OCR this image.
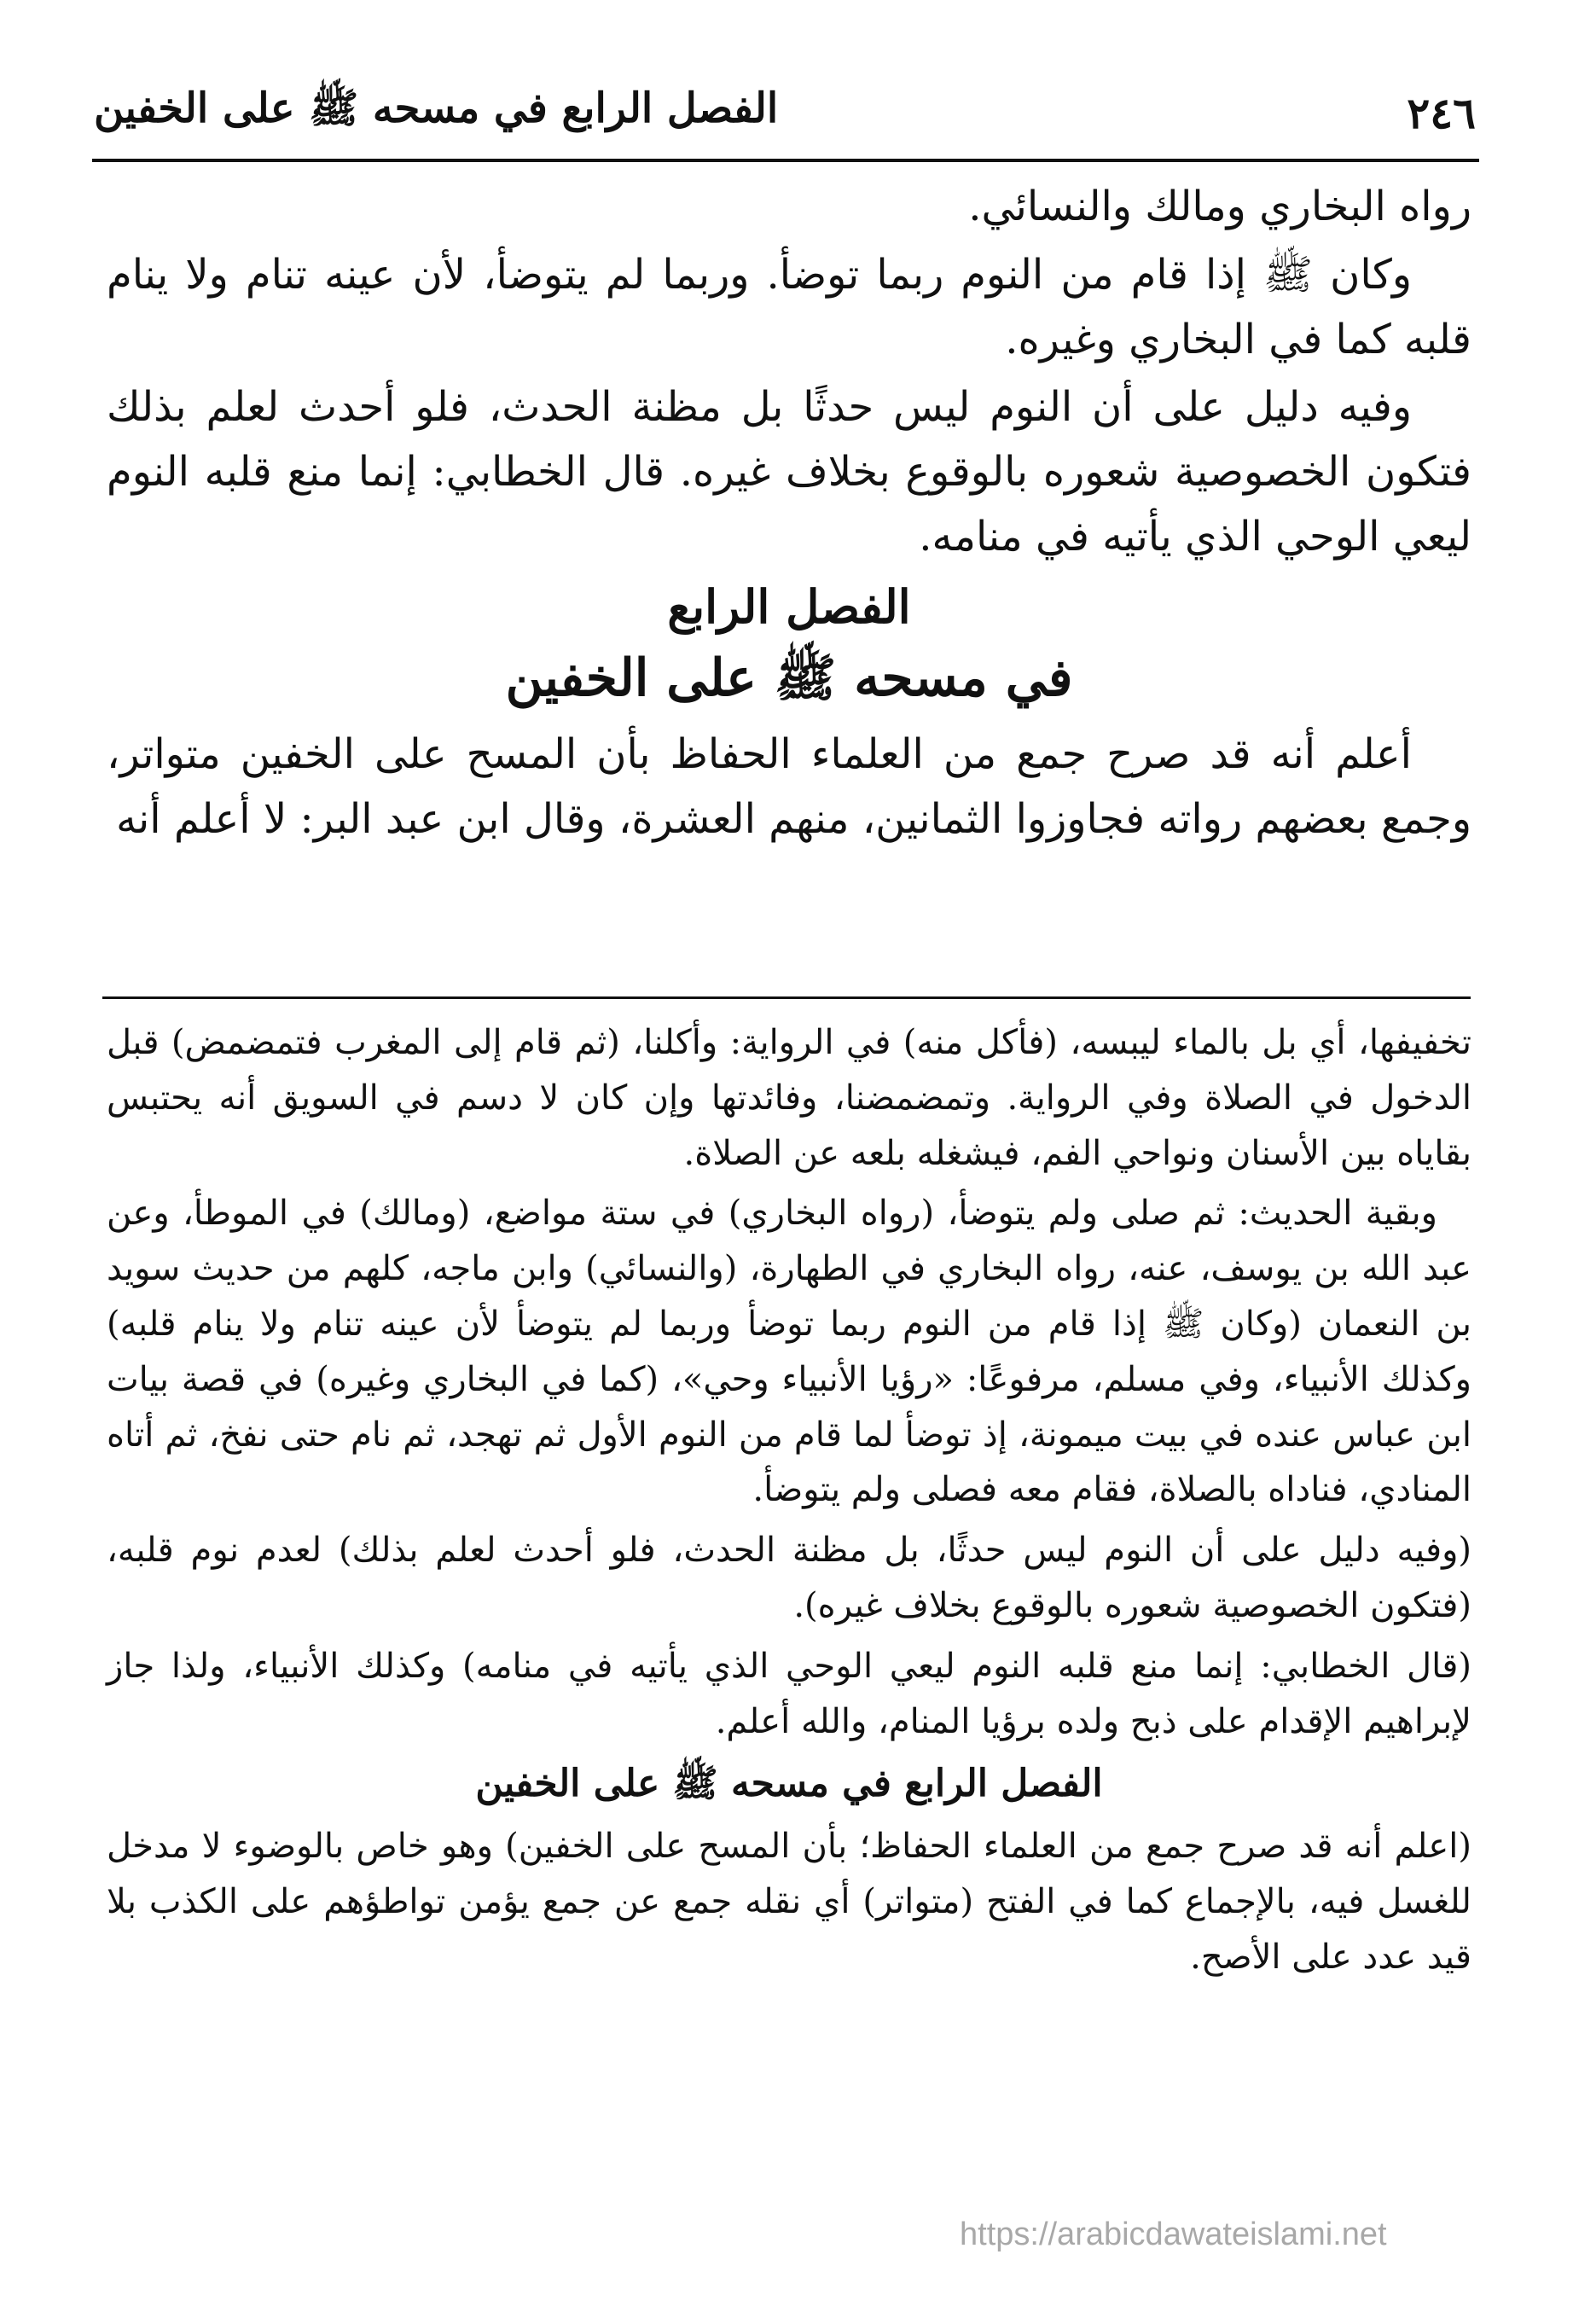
٢٤٦
الفصل الرابع في مسحه ﷺ على الخفين

رواه البخاري ومالك والنسائي.

وكان ﷺ إذا قام من النوم ربما توضأ. وربما لم يتوضأ، لأن عينه تنام ولا ينام قلبه كما في البخاري وغيره.

وفيه دليل على أن النوم ليس حدثًا بل مظنة الحدث، فلو أحدث لعلم بذلك فتكون الخصوصية شعوره بالوقوع بخلاف غيره. قال الخطابي: إنما منع قلبه النوم ليعي الوحي الذي يأتيه في منامه.

الفصل الرابع
في مسحه ﷺ على الخفين

أعلم أنه قد صرح جمع من العلماء الحفاظ بأن المسح على الخفين متواتر، وجمع بعضهم رواته فجاوزوا الثمانين، منهم العشرة، وقال ابن عبد البر: لا أعلم أنه

تخفيفها، أي بل بالماء ليبسه، (فأكل منه) في الرواية: وأكلنا، (ثم قام إلى المغرب فتمضمض) قبل الدخول في الصلاة وفي الرواية. وتمضمضنا، وفائدتها وإن كان لا دسم في السويق أنه يحتبس بقاياه بين الأسنان ونواحي الفم، فيشغله بلعه عن الصلاة.

وبقية الحديث: ثم صلى ولم يتوضأ، (رواه البخاري) في ستة مواضع، (ومالك) في الموطأ، وعن عبد الله بن يوسف، عنه، رواه البخاري في الطهارة، (والنسائي) وابن ماجه، كلهم من حديث سويد بن النعمان (وكان ﷺ إذا قام من النوم ربما توضأ وربما لم يتوضأ لأن عينه تنام ولا ينام قلبه) وكذلك الأنبياء، وفي مسلم، مرفوعًا: «رؤيا الأنبياء وحي»، (كما في البخاري وغيره) في قصة بيات ابن عباس عنده في بيت ميمونة، إذ توضأ لما قام من النوم الأول ثم تهجد، ثم نام حتى نفخ، ثم أتاه المنادي، فناداه بالصلاة، فقام معه فصلى ولم يتوضأ.

(وفيه دليل على أن النوم ليس حدثًا، بل مظنة الحدث، فلو أحدث لعلم بذلك) لعدم نوم قلبه، (فتكون الخصوصية شعوره بالوقوع بخلاف غيره).

(قال الخطابي: إنما منع قلبه النوم ليعي الوحي الذي يأتيه في منامه) وكذلك الأنبياء، ولذا جاز لإبراهيم الإقدام على ذبح ولده برؤيا المنام، والله أعلم.

الفصل الرابع في مسحه ﷺ على الخفين

(اعلم أنه قد صرح جمع من العلماء الحفاظ؛ بأن المسح على الخفين) وهو خاص بالوضوء لا مدخل للغسل فيه، بالإجماع كما في الفتح (متواتر) أي نقله جمع عن جمع يؤمن تواطؤهم على الكذب بلا قيد عدد على الأصح.

https://arabicdawateislami.net
